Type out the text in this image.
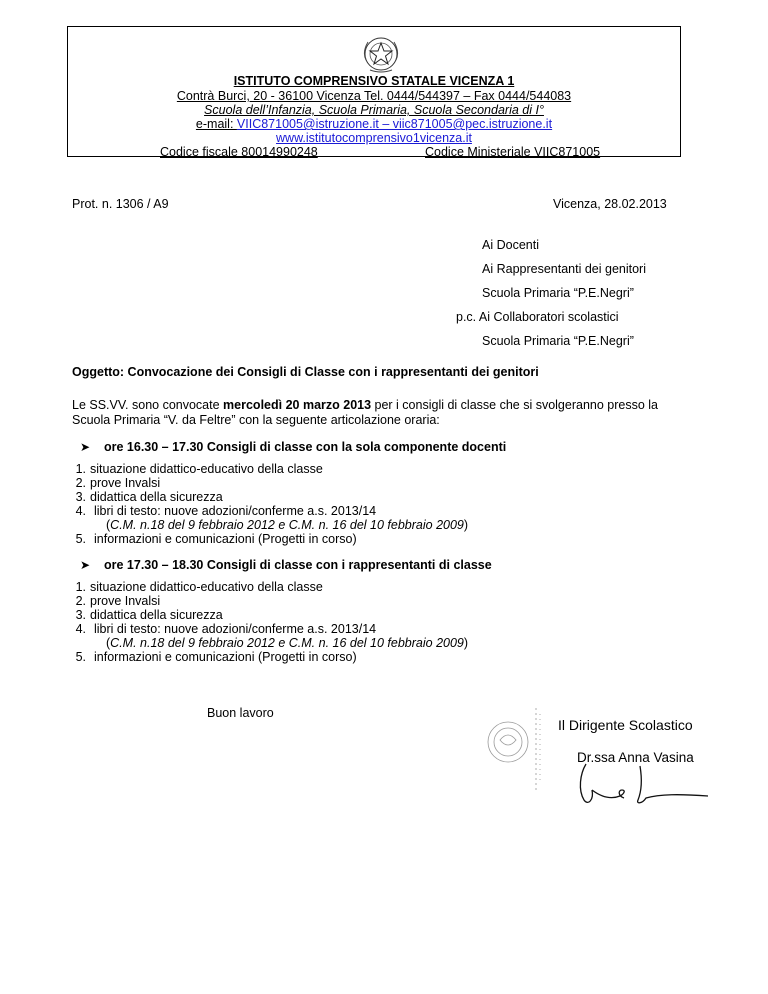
ISTITUTO COMPRENSIVO STATALE VICENZA 1
Contrà Burci, 20 - 36100 Vicenza Tel. 0444/544397 – Fax 0444/544083
Scuola dell’Infanzia, Scuola Primaria, Scuola Secondaria di I°
e-mail: VIIC871005@istruzione.it – viic871005@pec.istruzione.it
www.istitutocomprensivo1vicenza.it
Codice fiscale 80014990248	Codice Ministeriale VIIC871005
Prot. n. 1306 / A9	Vicenza, 28.02.2013
Ai Docenti
Ai Rappresentanti dei genitori
Scuola Primaria “P.E.Negri”
p.c. Ai Collaboratori scolastici
Scuola Primaria “P.E.Negri”
Oggetto: Convocazione dei Consigli di Classe con i rappresentanti dei genitori
Le SS.VV. sono convocate mercoledì 20 marzo 2013 per i consigli di classe che si svolgeranno presso la
Scuola Primaria “V. da Feltre” con la seguente articolazione oraria:
➤ ore 16.30 – 17.30 Consigli di classe con la sola componente docenti
1. situazione didattico-educativo della classe
2. prove Invalsi
3. didattica della sicurezza
4. libri di testo: nuove adozioni/conferme a.s. 2013/14
(C.M. n.18 del 9 febbraio 2012 e C.M. n. 16 del 10 febbraio 2009)
5. informazioni e comunicazioni (Progetti in corso)
➤ ore 17.30 – 18.30 Consigli di classe con i rappresentanti di classe
1. situazione didattico-educativo della classe
2. prove Invalsi
3. didattica della sicurezza
4. libri di testo: nuove adozioni/conferme a.s. 2013/14
(C.M. n.18 del 9 febbraio 2012 e C.M. n. 16 del 10 febbraio 2009)
5. informazioni e comunicazioni (Progetti in corso)
Buon lavoro
Il Dirigente Scolastico
Dr.ssa Anna Vasina
